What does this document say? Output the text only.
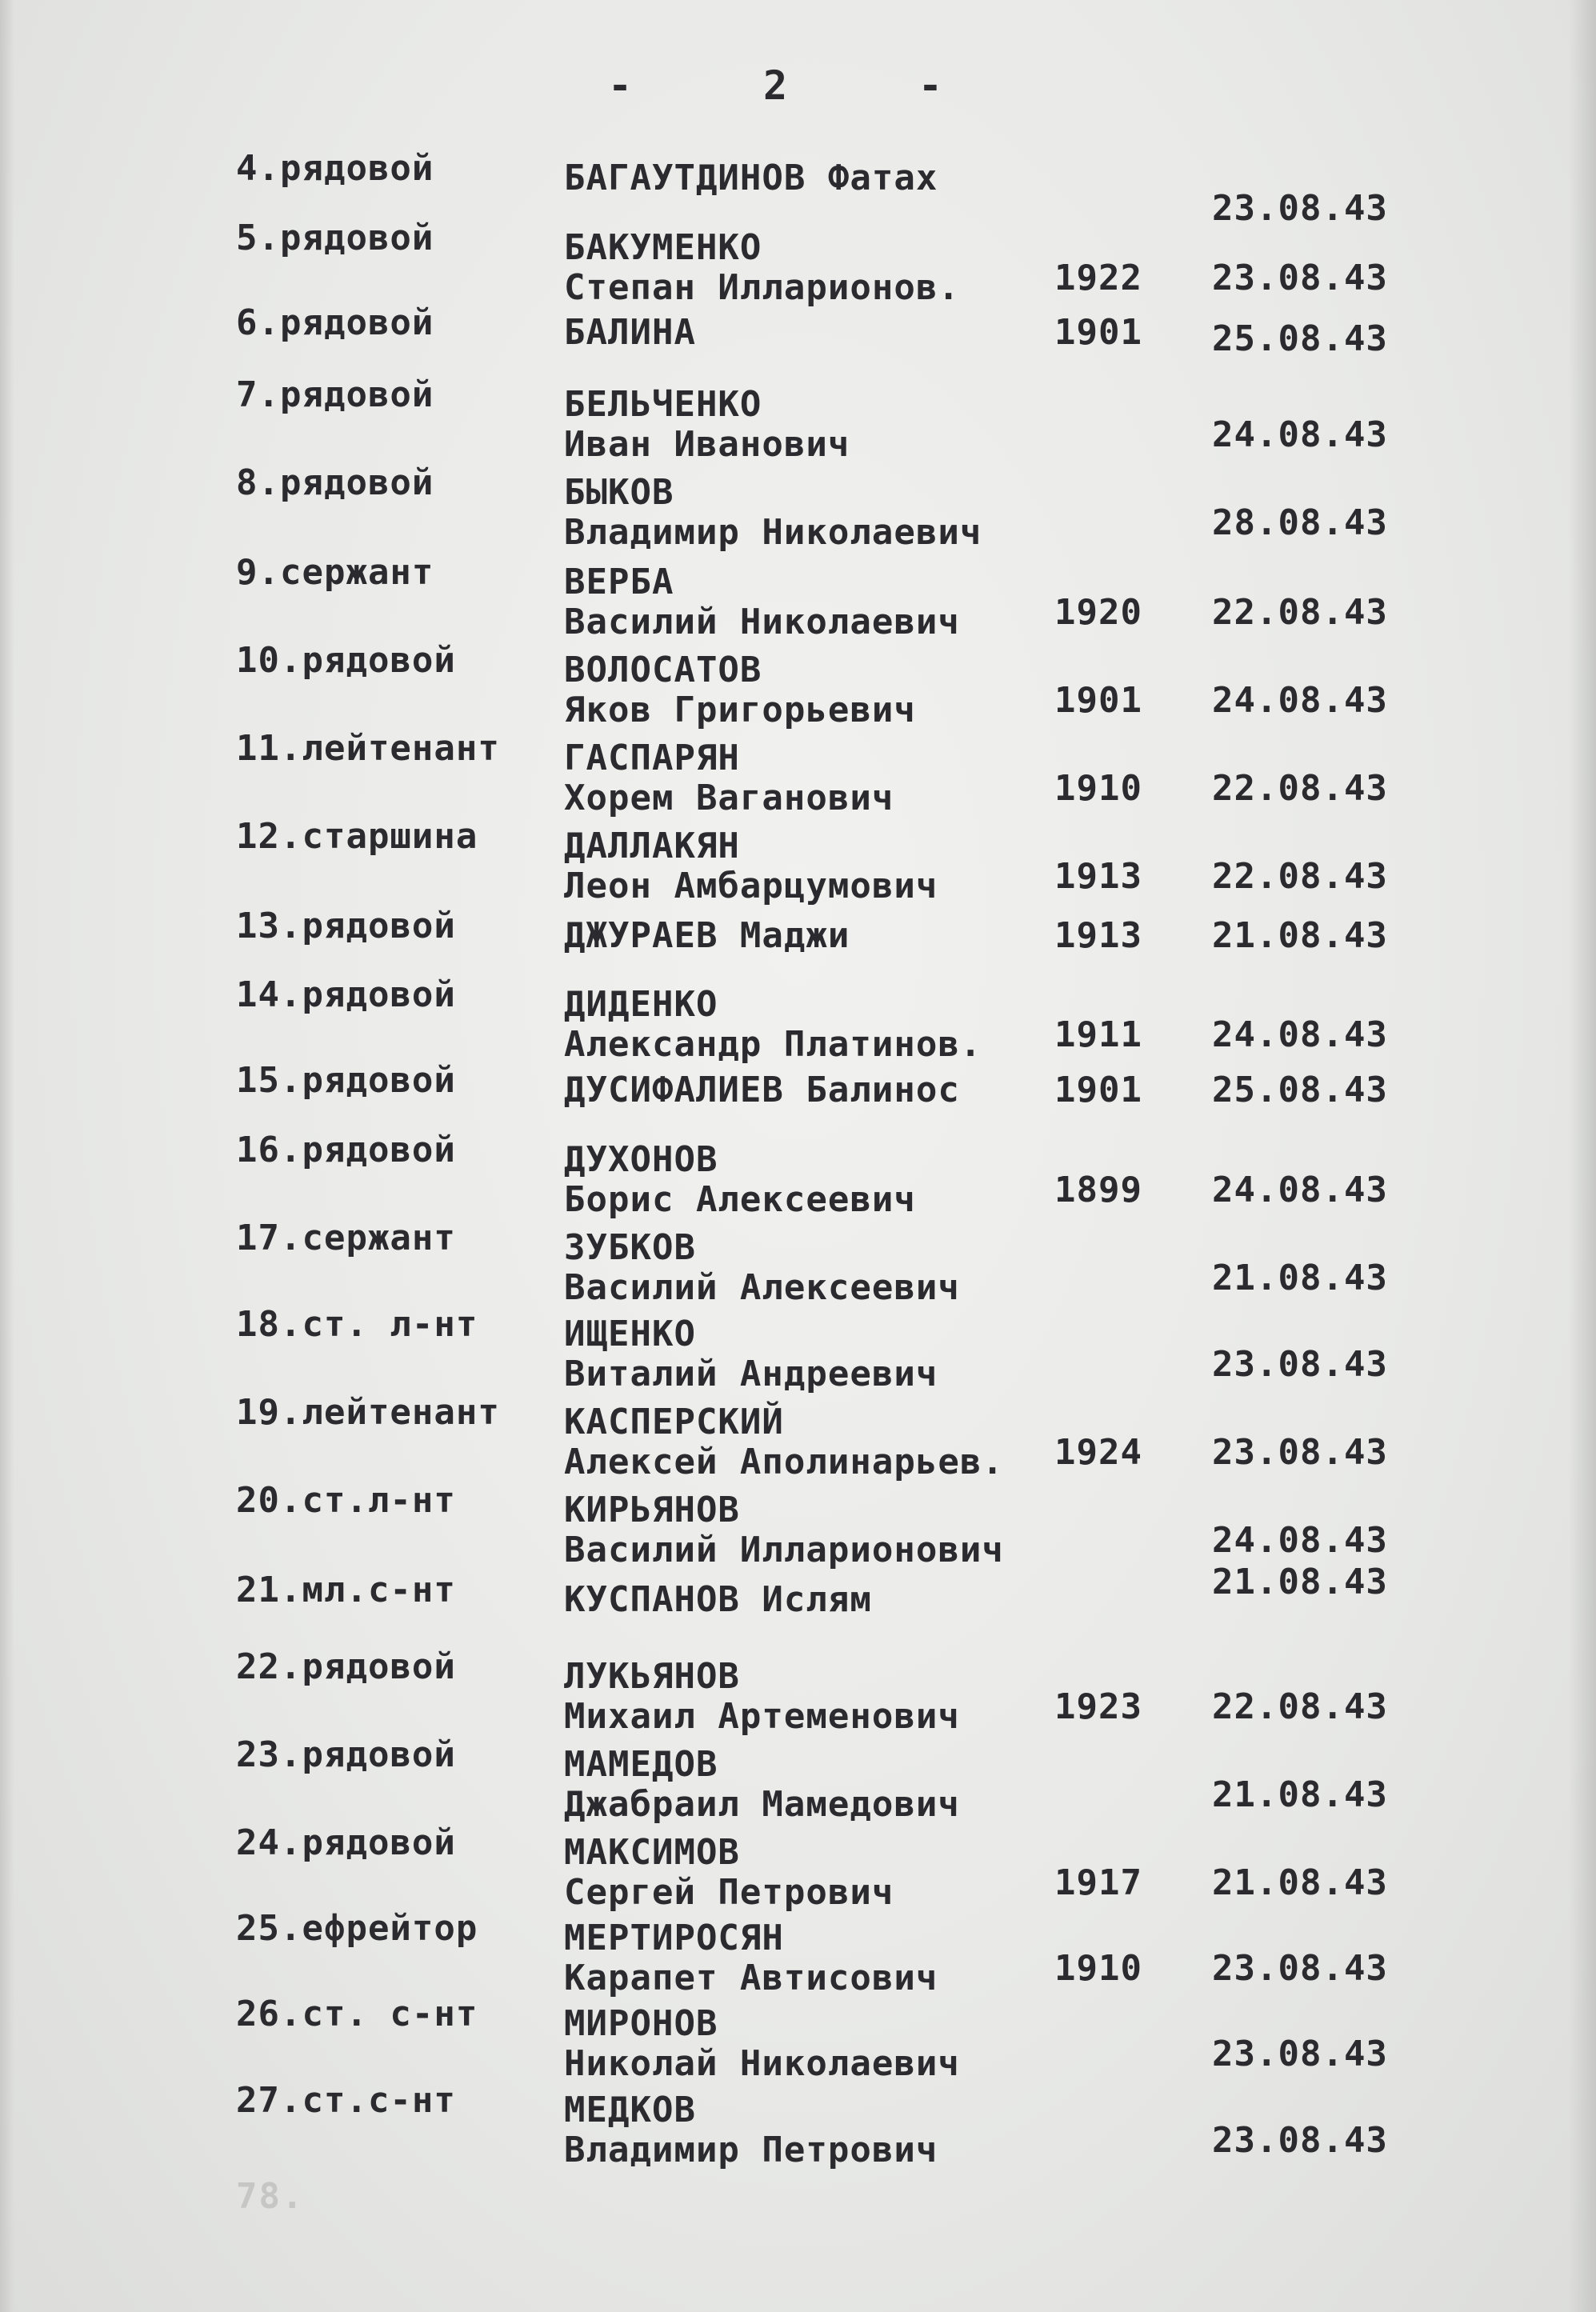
-	2	-
4.рядовой	БАГАУТДИНОВ Фатах
23.08.43
5.рядовой	БАКУМЕНКО
Степан Илларионов.	1922 23.08.43
6.рядовой	БАЛИНА	1901 25.08.43
7.рядовой	БЕЛЬЧЕНКО
Иван Иванович	24.08.43
8.рядовой	БЫКОВ
Владимир Николаевич	28.08.43
9.сержант	ВЕРБА
Василий Николаевич	1920 22.08.43
10.рядовой	ВОЛОСАТОВ
Яков Григорьевич	1901 24.08.43
11.лейтенант ГАСПАРЯН
Хорем Ваганович	1910 22.08.43
12.старшина ДАЛЛАКЯН
Леон Амбарцумович	1913 22.08.43
13.рядовой	ДЖУРАЕВ Маджи	1913 21.08.43
14.рядовой	ДИДЕНКО
Александр Платинов. 1911 24.08.43
15.рядовой	ДУСИФАЛИЕВ Балинос	1901 25.08.43
16.рядовой	ДУХОНОВ
Борис Алексеевич	1899 24.08.43
17.сержант	ЗУБКОВ
Василий Алексеевич	21.08.43
18.ст. л-нт ИЩЕНКО
Виталий Андреевич	23.08.43
19.лейтенант КАСПЕРСКИЙ
Алексей Аполинарьев. 1924 23.08.43
20.ст.л-нт	КИРЬЯНОВ
Василий Илларионович	24.08.43
21.мл.с-нт	КУСПАНОВ Ислям	21.08.43
22.рядовой	ЛУКЬЯНОВ
Михаил Артеменович	1923 22.08.43
23.рядовой	МАМЕДОВ
Джабраил Мамедович	21.08.43
24.рядовой	МАКСИМОВ
Сергей Петрович	1917 21.08.43
25.ефрейтор МЕРТИРОСЯН
Карапет Автисович	1910 23.08.43
26.ст. с-нт МИРОНОВ
Николай Николаевич	23.08.43
27.ст.с-нт	МЕДКОВ
Владимир Петрович	23.08.43
78.
